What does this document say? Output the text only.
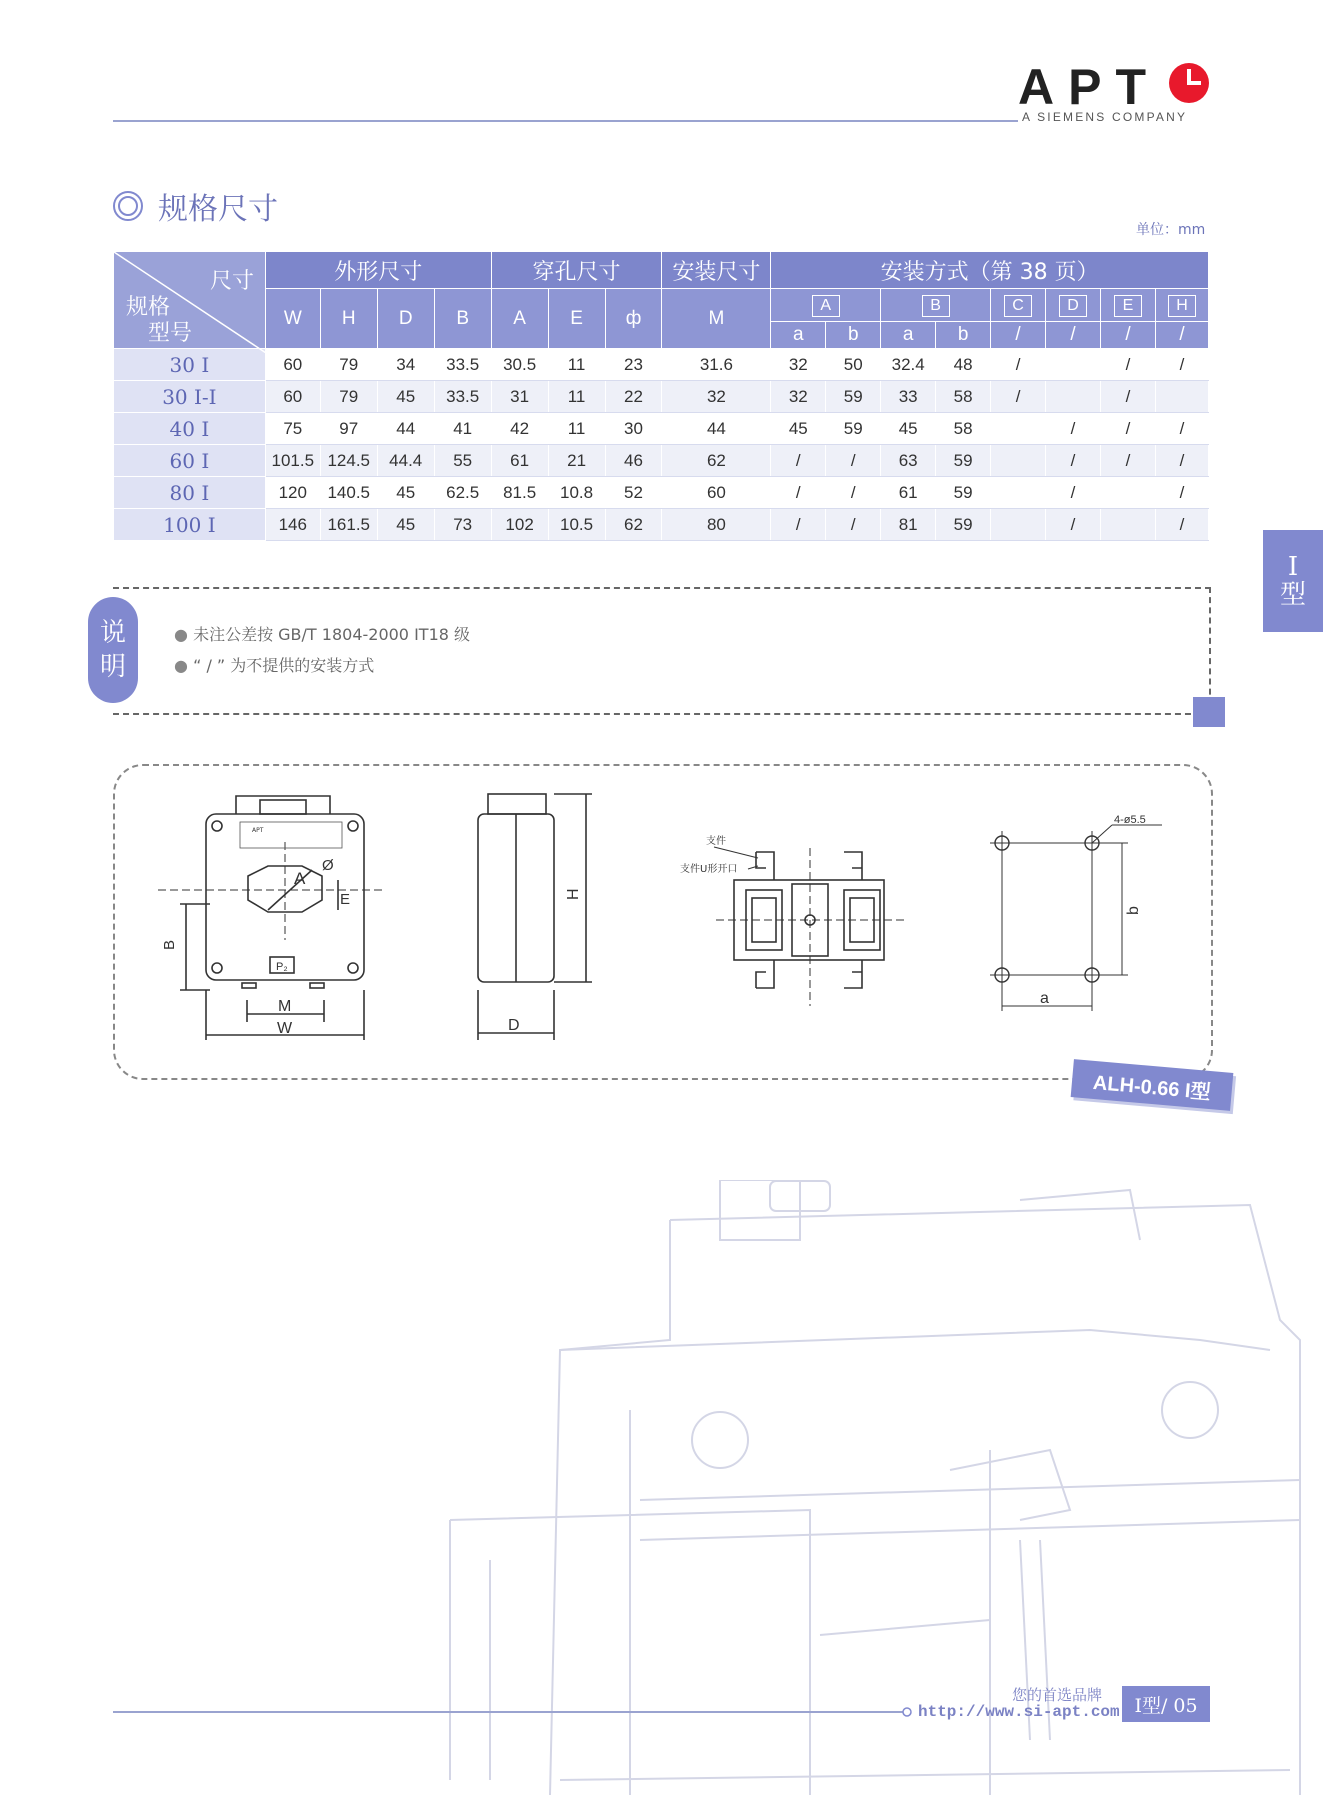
APT
A SIEMENS COMPANY
规格尺寸
单位：mm
尺寸
规格
型号	外形尺寸				穿孔尺寸			安装尺寸	安装方式（第 38 页）							
	W	H	D	B	A	E	ф	M	A		B		C	D	E	H
									a	b	a	b	/	/	/	/
30 I	60	79	34	33.5	30.5	11	23	31.6	32	50	32.4	48	/		/	/
30 I-I	60	79	45	33.5	31	11	22	32	32	59	33	58	/		/	
40 I	75	97	44	41	42	11	30	44	45	59	45	58		/	/	/
60 I	101.5	124.5	44.4	55	61	21	46	62	/	/	63	59		/	/	/
80 I	120	140.5	45	62.5	81.5	10.8	52	60	/	/	61	59		/		/
100 I	146	161.5	45	73	102	10.5	62	80	/	/	81	59		/		/
说
明
● 未注公差按 GB/T 1804-2000 IT18 级
● “ / ” 为不提供的安装方式
I
型
APT
A
Ø
E
B
P₂
M
W
H
D
支件
支件U形开口
4-ø5.5
a
b
ALH-0.66 I型
您的首选品牌
http://www.si-apt.com I型/ 05
